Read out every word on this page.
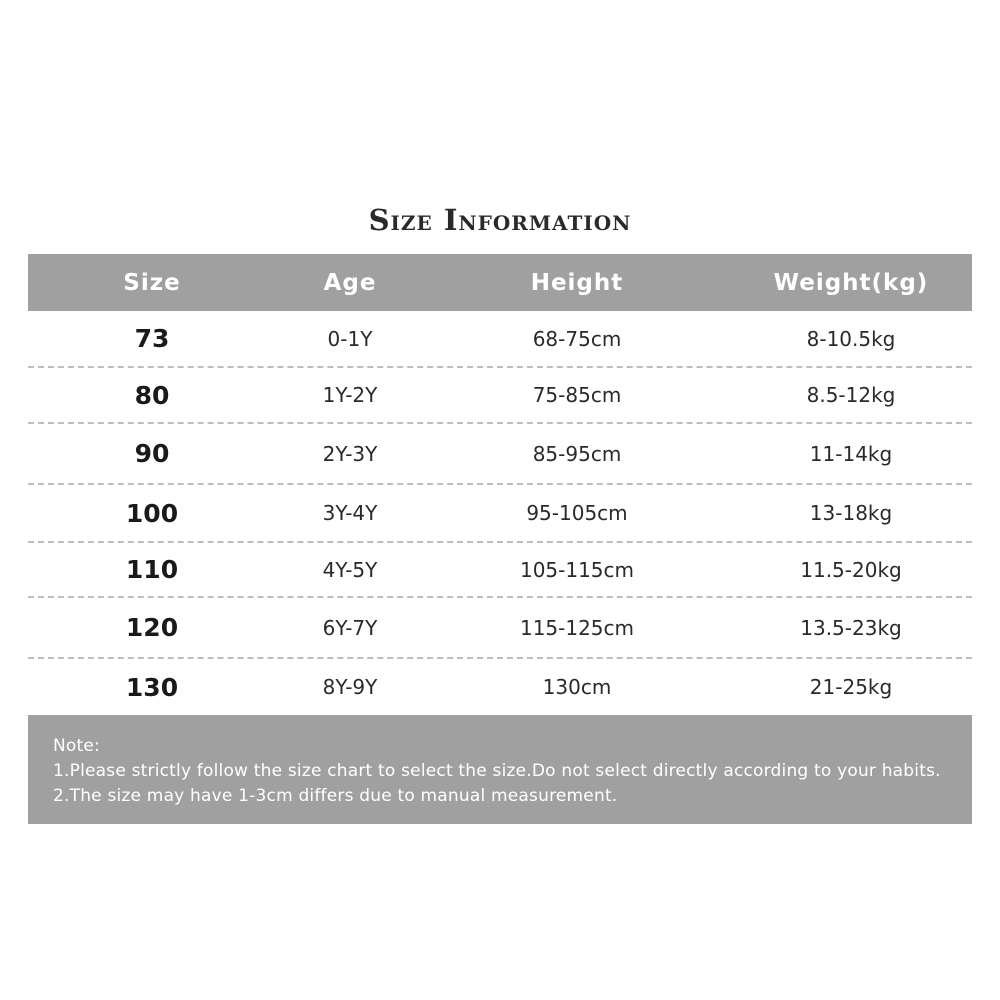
Size Information
Size	Age	Height	Weight(kg)
73	0-1Y	68-75cm	8-10.5kg
80	1Y-2Y	75-85cm	8.5-12kg
90	2Y-3Y	85-95cm	11-14kg
100	3Y-4Y	95-105cm	13-18kg
110	4Y-5Y	105-115cm	11.5-20kg
120	6Y-7Y	115-125cm	13.5-23kg
130	8Y-9Y	130cm	21-25kg
Note:
1.Please strictly follow the size chart to select the size.Do not select directly according to your habits.
2.The size may have 1-3cm differs due to manual measurement.
